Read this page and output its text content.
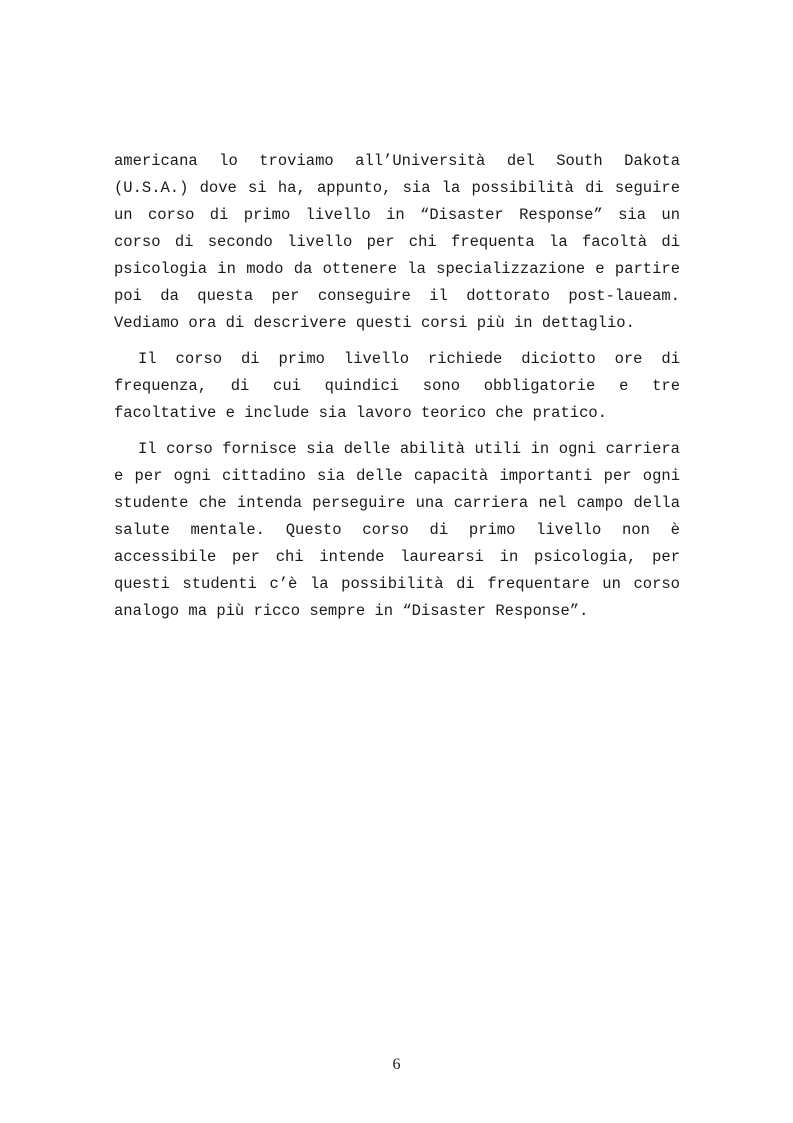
americana lo troviamo all’Università del South Dakota (U.S.A.) dove si ha, appunto, sia la possibilità di seguire un corso di primo livello in “Disaster Response” sia un corso di secondo livello per chi frequenta la facoltà di psicologia in modo da ottenere la specializzazione e partire poi da questa per conseguire il dottorato post-laueam. Vediamo ora di descrivere questi corsi più in dettaglio.

Il corso di primo livello richiede diciotto ore di frequenza, di cui quindici sono obbligatorie e tre facoltative e include sia lavoro teorico che pratico.

Il corso fornisce sia delle abilità utili in ogni carriera e per ogni cittadino sia delle capacità importanti per ogni studente che intenda perseguire una carriera nel campo della salute mentale. Questo corso di primo livello non è accessibile per chi intende laurearsi in psicologia, per questi studenti c’è la possibilità di frequentare un corso analogo ma più ricco sempre in “Disaster Response”.

6
